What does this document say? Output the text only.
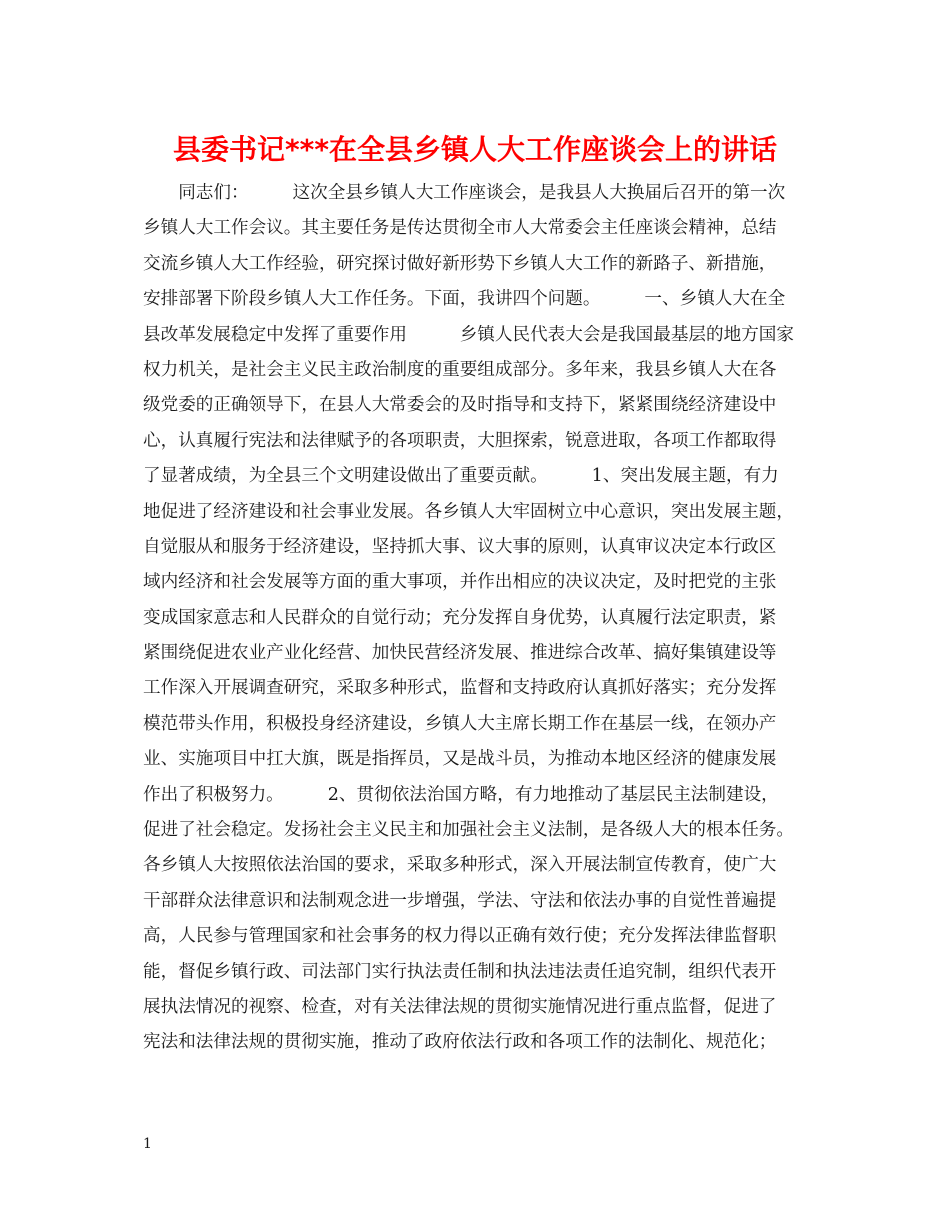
县委书记***在全县乡镇人大工作座谈会上的讲话
　　同志们：　　　这次全县乡镇人大工作座谈会，是我县人大换届后召开的第一次
乡镇人大工作会议。其主要任务是传达贯彻全市人大常委会主任座谈会精神，总结
交流乡镇人大工作经验，研究探讨做好新形势下乡镇人大工作的新路子、新措施，
安排部署下阶段乡镇人大工作任务。下面，我讲四个问题。　　　一、乡镇人大在全
县改革发展稳定中发挥了重要作用　　　乡镇人民代表大会是我国最基层的地方国家
权力机关，是社会主义民主政治制度的重要组成部分。多年来，我县乡镇人大在各
级党委的正确领导下，在县人大常委会的及时指导和支持下，紧紧围绕经济建设中
心，认真履行宪法和法律赋予的各项职责，大胆探索，锐意进取，各项工作都取得
了显著成绩，为全县三个文明建设做出了重要贡献。　　　1、突出发展主题，有力
地促进了经济建设和社会事业发展。各乡镇人大牢固树立中心意识，突出发展主题，
自觉服从和服务于经济建设，坚持抓大事、议大事的原则，认真审议决定本行政区
域内经济和社会发展等方面的重大事项，并作出相应的决议决定，及时把党的主张
变成国家意志和人民群众的自觉行动；充分发挥自身优势，认真履行法定职责，紧
紧围绕促进农业产业化经营、加快民营经济发展、推进综合改革、搞好集镇建设等
工作深入开展调查研究，采取多种形式，监督和支持政府认真抓好落实；充分发挥
模范带头作用，积极投身经济建设，乡镇人大主席长期工作在基层一线，在领办产
业、实施项目中扛大旗，既是指挥员，又是战斗员，为推动本地区经济的健康发展
作出了积极努力。　　　2、贯彻依法治国方略，有力地推动了基层民主法制建设，
促进了社会稳定。发扬社会主义民主和加强社会主义法制，是各级人大的根本任务。
各乡镇人大按照依法治国的要求，采取多种形式，深入开展法制宣传教育，使广大
干部群众法律意识和法制观念进一步增强，学法、守法和依法办事的自觉性普遍提
高，人民参与管理国家和社会事务的权力得以正确有效行使；充分发挥法律监督职
能，督促乡镇行政、司法部门实行执法责任制和执法违法责任追究制，组织代表开
展执法情况的视察、检查，对有关法律法规的贯彻实施情况进行重点监督，促进了
宪法和法律法规的贯彻实施，推动了政府依法行政和各项工作的法制化、规范化；
1
